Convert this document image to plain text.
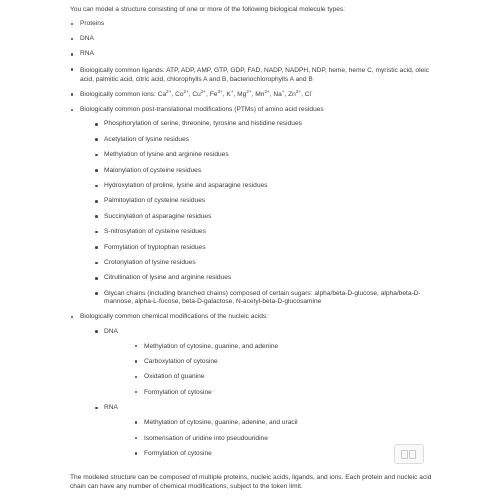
You can model a structure consisting of one or more of the following biological molecule types:

Proteins
DNA
RNA
Biologically common ligands: ATP, ADP, AMP, GTP, GDP, FAD, NADP, NADPH, NDP, heme, heme C, myristic acid, oleic acid, palmitic acid, citric acid, chlorophylls A and B, bacteriochlorophylls A and B
Biologically common ions: $Ca^{2+}$, $Co^{2+}$, $Cu^{2+}$, $Fe^{3+}$, K+, $Mg^{2+}$, $Mn^{2+}$, Na+, $Zn^{2+}$, Cl-
Biologically common post-translational modifications (PTMs) of amino acid residues
Phosphorylation of serine, threonine, tyrosine and histidine residues
Acetylation of lysine residues
Methylation of lysine and arginine residues
Malonylation of cysteine residues
Hydroxylation of proline, lysine and asparagine residues
Palmitoylation of cysteine residues
Succinylation of asparagine residues
S-nitrosylation of cysteine residues
Formylation of tryptophan residues
Crotonylation of lysine residues
Citrullination of lysine and arginine residues
Glycan chains (including branched chains) composed of certain sugars: alpha/beta-D-glucose, alpha/beta-D-mannose, alpha-L-fucose, beta-D-galactose, N-acetyl-beta-D-glucosamine
Biologically common chemical modifications of the nucleic acids:
DNA
Methylation of cytosine, guanine, and adenine
Carboxylation of cytosine
Oxidation of guanine
Formylation of cytosine
RNA
Methylation of cytosine, guanine, adenine, and uracil
Isomerisation of uridine into pseudouridine
Formylation of cytosine

The modeled structure can be composed of multiple proteins, nucleic acids, ligands, and ions. Each protein and nucleic acid chain can have any number of chemical modifications, subject to the token limit.
